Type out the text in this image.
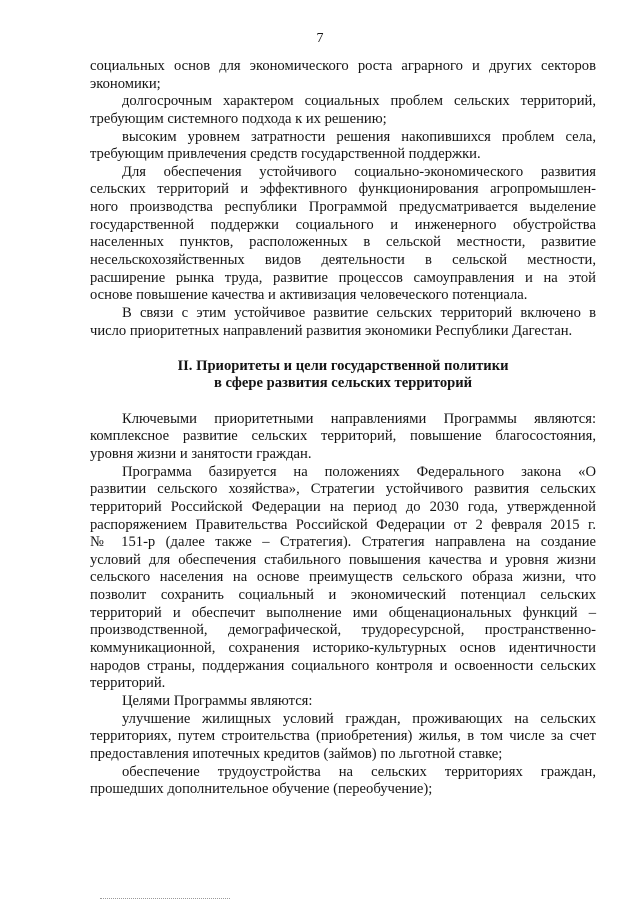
7
социальных основ для экономического роста аграрного и других секторов
экономики;
долгосрочным характером социальных проблем сельских территорий,
требующим системного подхода к их решению;
высоким уровнем затратности решения накопившихся проблем села,
требующим привлечения средств государственной поддержки.
Для обеспечения устойчивого социально-экономического развития
сельских территорий и эффективного функционирования агропромышлен-
ного производства республики Программой предусматривается выделение
государственной поддержки социального и инженерного обустройства
населенных пунктов, расположенных в сельской местности, развитие
несельскохозяйственных видов деятельности в сельской местности,
расширение рынка труда, развитие процессов самоуправления и на этой
основе повышение качества и активизация человеческого потенциала.
В связи с этим устойчивое развитие сельских территорий включено в
число приоритетных направлений развития экономики Республики Дагестан.
II. Приоритеты и цели государственной политики
в сфере развития сельских территорий
Ключевыми приоритетными направлениями Программы являются:
комплексное развитие сельских территорий, повышение благосостояния,
уровня жизни и занятости граждан.
Программа базируется на положениях Федерального закона «О
развитии сельского хозяйства», Стратегии устойчивого развития сельских
территорий Российской Федерации на период до 2030 года, утвержденной
распоряжением Правительства Российской Федерации от 2 февраля 2015 г.
№ 151-р (далее также – Стратегия). Стратегия направлена на создание
условий для обеспечения стабильного повышения качества и уровня жизни
сельского населения на основе преимуществ сельского образа жизни, что
позволит сохранить социальный и экономический потенциал сельских
территорий и обеспечит выполнение ими общенациональных функций –
производственной, демографической, трудоресурсной, пространственно-
коммуникационной, сохранения историко-культурных основ идентичности
народов страны, поддержания социального контроля и освоенности сельских
территорий.
Целями Программы являются:
улучшение жилищных условий граждан, проживающих на сельских
территориях, путем строительства (приобретения) жилья, в том числе за счет
предоставления ипотечных кредитов (займов) по льготной ставке;
обеспечение трудоустройства на сельских территориях граждан,
прошедших дополнительное обучение (переобучение);
